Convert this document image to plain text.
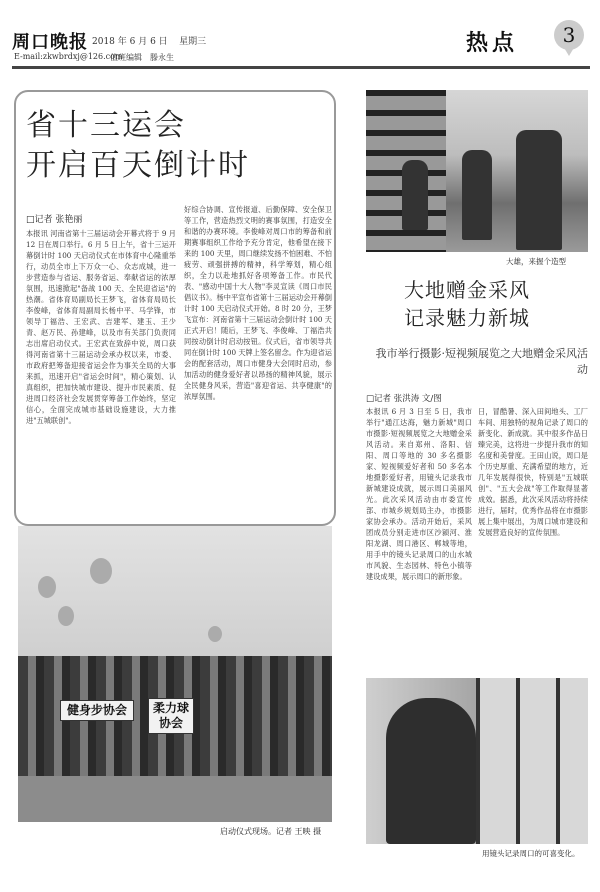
周口晚报 2018 年 6 月 6 日 星期三
E-mail:zkwbrdxj@126.com
值班编辑　滕永生
热点	3
省十三运会
开启百天倒计时
□记者 张艳丽
本报讯 河南省第十三届运动会开幕式将于 9 月 12 日在周口举行。6 月 5 日上午，省十三运开幕倒计时 100 天启动仪式在市体育中心隆重举行，动员全市上下万众一心、众志成城，进一步营造参与省运、服务省运、奉献省运的浓厚氛围，迅速掀起"备战 100 天、全民迎省运"的热潮。省体育局副局长王梦飞，省体育局局长李俊峰，省体育局副局长杨中平、马学锋，市领导丁福浩、王宏武、吉建军、建玉、王少青、赵万民、孙建峰，以及市有关部门负责同志出席启动仪式。王宏武在致辞中说，周口获得河南省第十三届运动会承办权以来，市委、市政府把筹备迎接省运会作为事关全局的大事来抓，迅速开启"省运会时间"，精心策划、认真组织，把加快城市建设、提升市民素质、促进周口经济社会发展贯穿筹备工作始终，坚定信心，全面完成城市基础设施建设，大力推进"五城联创"。
好综合协调、宣传报道、后勤保障、安全保卫等工作，营造热烈文明的赛事氛围，打造安全和谐的办赛环境。李俊峰对周口市的筹备和前期赛事组织工作给予充分肯定，他希望在接下来的 100 天里，周口继续发扬不怕困难、不怕疲劳、顽强拼搏的精神，科学筹划，精心组织，全力以赴地抓好各项筹备工作。市民代表、"感动中国十大人物"李灵宣读《周口市民倡议书》。杨中平宣布省第十三届运动会开幕倒计时 100 天启动仪式开始。8 时 20 分，王梦飞宣布：河南省第十三届运动会倒计时 100 天正式开启！随后，王梦飞、李俊峰、丁福浩共同按动倒计时启动按钮。仪式后，省市领导共同在倒计时 100 天牌上签名留念。作为迎省运会的配套活动，周口市健身大会同时启动，参加活动的健身爱好者以昂扬的精神风貌，展示全民健身风采，营造"喜迎省运、共享健康"的浓厚氛围。
健身步协会	柔力球协会
启动仪式现场。记者 王映 摄
大雄，来握个造型
大地赠金采风
记录魅力新城
我市举行摄影·短视频展览之大地赠金采风活动
□记者 张洪涛 文/图
本报讯 6 月 3 日至 5 日，我市举行"通江达海，魅力新城"周口市摄影·短视频展览之大地赠金采风活动。来自郑州、洛阳、信阳、周口等地的 30 多名摄影家、短视频爱好者和 50 多名本地摄影爱好者，用镜头记录我市新城建设成就，展示周口美丽风光。此次采风活动由市委宣传部、市城乡规划局主办，市摄影家协会承办。活动开始后，采风团成员分别走进市区沙颍河、淮阳龙湖、周口港区、郸城等地，用手中的镜头记录周口的山水城市风貌、生态园林、特色小镇等建设成果，展示周口的新形象。
日，冒酷暑、深入田间地头、工厂车间、用独特的视角记录了周口的新变化、新成就。其中很多作品日臻完美，这将进一步提升我市的知名度和美誉度。王田山说，周口是个历史厚重、充满希望的地方，近几年发展得很快，特别是"五城联创"、"五大会战"等工作取得显著成效。据悉，此次采风活动将持续进行，届时，优秀作品将在市摄影展上集中展出，为周口城市建设和发展营造良好的宣传氛围。
用镜头记录周口的可喜变化。
